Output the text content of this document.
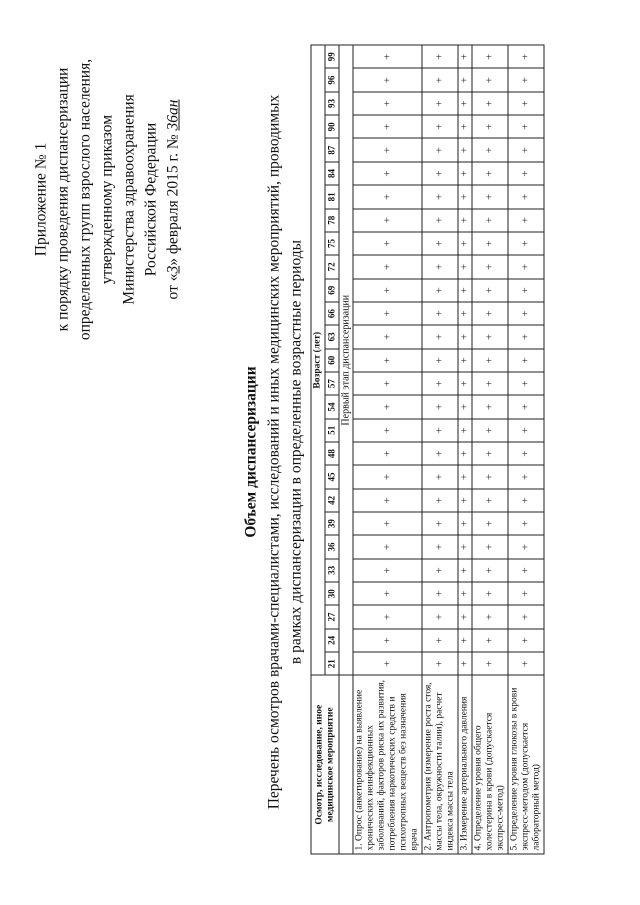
Приложение № 1 к порядку проведения диспансеризации определенных групп взрослого населения, утвержденному приказом Министерства здравоохранения Российской Федерации
от «3» февраля 2015 г. № 36ан
Объем диспансеризации Перечень осмотров врачами-специалистами, исследований и иных медицинских мероприятий, проводимых в рамках диспансеризации в определенные возрастные периоды
Осмотр, исследование, иное медицинское мероприятие	Возраст (лет)																										
	21	24	27	30	33	36	39	42	45	48	51	54	57	60	63	66	69	72	75	78	81	84	87	90	93	96	99
	Первый этап диспансеризации																										
1. Опрос (анкетирование) на выявление хронических неинфекционных заболеваний, факторов риска их развития, потребления наркотических средств и психотропных веществ без назначения врача	+	+	+	+	+	+	+	+	+	+	+	+	+	+	+	+	+	+	+	+	+	+	+	+	+	+	+
2. Антропометрия (измерение роста стоя, массы тела, окружности талии), расчет индекса массы тела	+	+	+	+	+	+	+	+	+	+	+	+	+	+	+	+	+	+	+	+	+	+	+	+	+	+	+
3. Измерение артериального давления	+	+	+	+	+	+	+	+	+	+	+	+	+	+	+	+	+	+	+	+	+	+	+	+	+	+	+
4. Определение уровня общего холестерина в крови (допускается экспресс-метод)	+	+	+	+	+	+	+	+	+	+	+	+	+	+	+	+	+	+	+	+	+	+	+	+	+	+	+
5. Определение уровня глюкозы в крови экспресс-методом (допускается лабораторный метод)	+	+	+	+	+	+	+	+	+	+	+	+	+	+	+	+	+	+	+	+	+	+	+	+	+	+	+
